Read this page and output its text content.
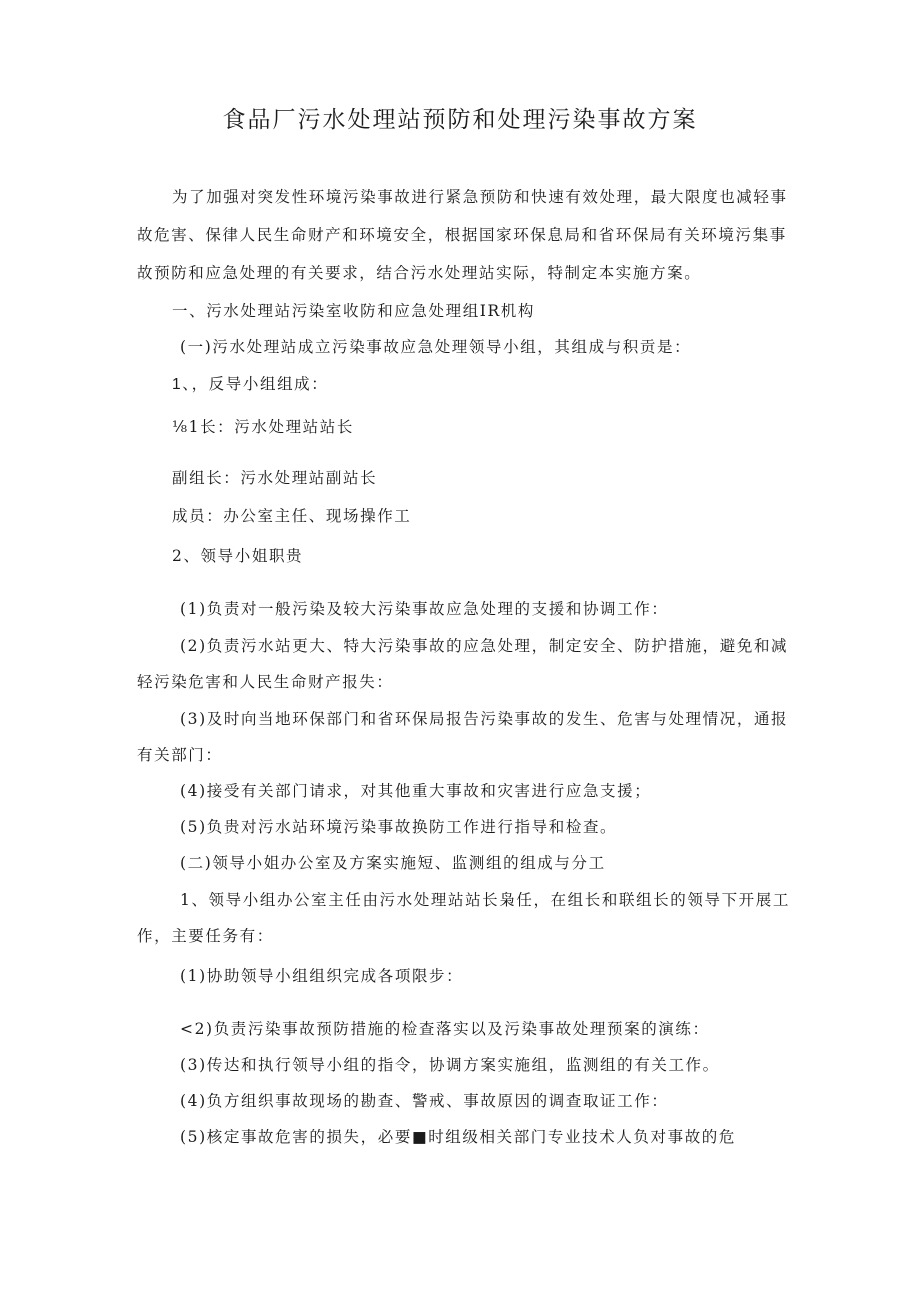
食品厂污水处理站预防和处理污染事故方案
为了加强对突发性环境污染事故进行紧急预防和快速有效处理，最大限度也减轻事
故危害、保律人民生命财产和环境安全，根据国家环保息局和省环保局有关环境污集事
故预防和应急处理的有关要求，结合污水处理站实际，特制定本实施方案。
一、污水处理站污染室收防和应急处理组IR机构
(一)污水处理站成立污染事故应急处理领导小组，其组成与积贡是：
1、，反导小组组成：
⅛1长：污水处理站站长
副组长：污水处理站副站长
成员：办公室主任、现场操作工
2、领导小姐职贵
(1)负责对一般污染及较大污染事故应急处理的支援和协调工作：
(2)负责污水站更大、特大污染事故的应急处理，制定安全、防护措施，避免和减
轻污染危害和人民生命财产报失：
(3)及时向当地环保部门和省环保局报告污染事故的发生、危害与处理情况，通报
有关部门：
(4)接受有关部门请求，对其他重大事故和灾害进行应急支援；
(5)负贵对污水站环境污染事故换防工作进行指导和检查。
(二)领导小姐办公室及方案实施短、监测组的组成与分工
1、领导小组办公室主任由污水处理站站长枭任，在组长和联组长的领导下开展工
作，主要任务有：
(1)协助领导小组组织完成各项限步：
<2)负责污染事故预防措施的检查落实以及污染事故处理预案的演练：
(3)传达和执行领导小组的指令，协调方案实施组，监测组的有关工作。
(4)负方组织事故现场的勘查、警戒、事故原因的调查取证工作：
(5)核定事故危害的损失，必要■时组级相关部门专业技术人负对事故的危
